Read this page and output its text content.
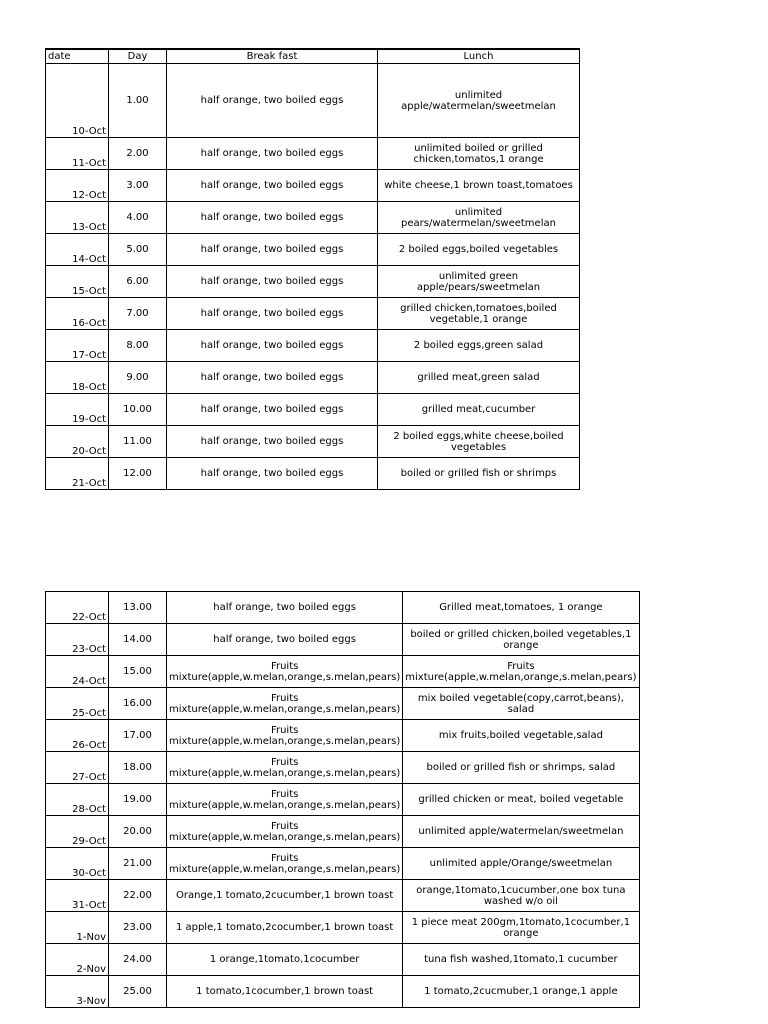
date	Day	Break fast	Lunch
10-Oct	1.00	half orange, two boiled eggs	unlimited apple/watermelan/sweetmelan

11-Oct	2.00	half orange, two boiled eggs	unlimited boiled or grilled chicken,tomatos,1 orange

12-Oct	3.00	half orange, two boiled eggs	white cheese,1 brown toast,tomatoes

13-Oct	4.00	half orange, two boiled eggs	unlimited pears/watermelan/sweetmelan

14-Oct	5.00	half orange, two boiled eggs	2 boiled eggs,boiled vegetables

15-Oct	6.00	half orange, two boiled eggs	unlimited green apple/pears/sweetmelan

16-Oct	7.00	half orange, two boiled eggs	grilled chicken,tomatoes,boiled vegetable,1 orange

17-Oct	8.00	half orange, two boiled eggs	2 boiled eggs,green salad

18-Oct	9.00	half orange, two boiled eggs	grilled meat,green salad

19-Oct	10.00	half orange, two boiled eggs	grilled meat,cucumber

20-Oct	11.00	half orange, two boiled eggs	2 boiled eggs,white cheese,boiled vegetables

21-Oct	12.00	half orange, two boiled eggs	boiled or grilled fish or shrimps
22-Oct	13.00	half orange, two boiled eggs	Grilled meat,tomatoes, 1 orange

23-Oct	14.00	half orange, two boiled eggs	boiled or grilled chicken,boiled vegetables,1 orange

24-Oct	15.00	Fruits mixture(apple,w.melan,orange,s.melan,pears)	Fruits mixture(apple,w.melan,orange,s.melan,pears)

25-Oct	16.00	Fruits mixture(apple,w.melan,orange,s.melan,pears)	mix boiled vegetable(copy,carrot,beans), salad

26-Oct	17.00	Fruits mixture(apple,w.melan,orange,s.melan,pears)	mix fruits,boiled vegetable,salad

27-Oct	18.00	Fruits mixture(apple,w.melan,orange,s.melan,pears)	boiled or grilled fish or shrimps, salad

28-Oct	19.00	Fruits mixture(apple,w.melan,orange,s.melan,pears)	grilled chicken or meat, boiled vegetable

29-Oct	20.00	Fruits mixture(apple,w.melan,orange,s.melan,pears)	unlimited apple/watermelan/sweetmelan

30-Oct	21.00	Fruits mixture(apple,w.melan,orange,s.melan,pears)	unlimited apple/Orange/sweetmelan

31-Oct	22.00	Orange,1 tomato,2cucumber,1 brown toast	orange,1tomato,1cucumber,one box tuna washed w/o oil

1-Nov	23.00	1 apple,1 tomato,2cocumber,1 brown toast	1 piece meat 200gm,1tomato,1cocumber,1 orange

2-Nov	24.00	1 orange,1tomato,1cocumber	tuna fish washed,1tomato,1 cucumber

3-Nov	25.00	1 tomato,1cocumber,1 brown toast	1 tomato,2cucmuber,1 orange,1 apple
